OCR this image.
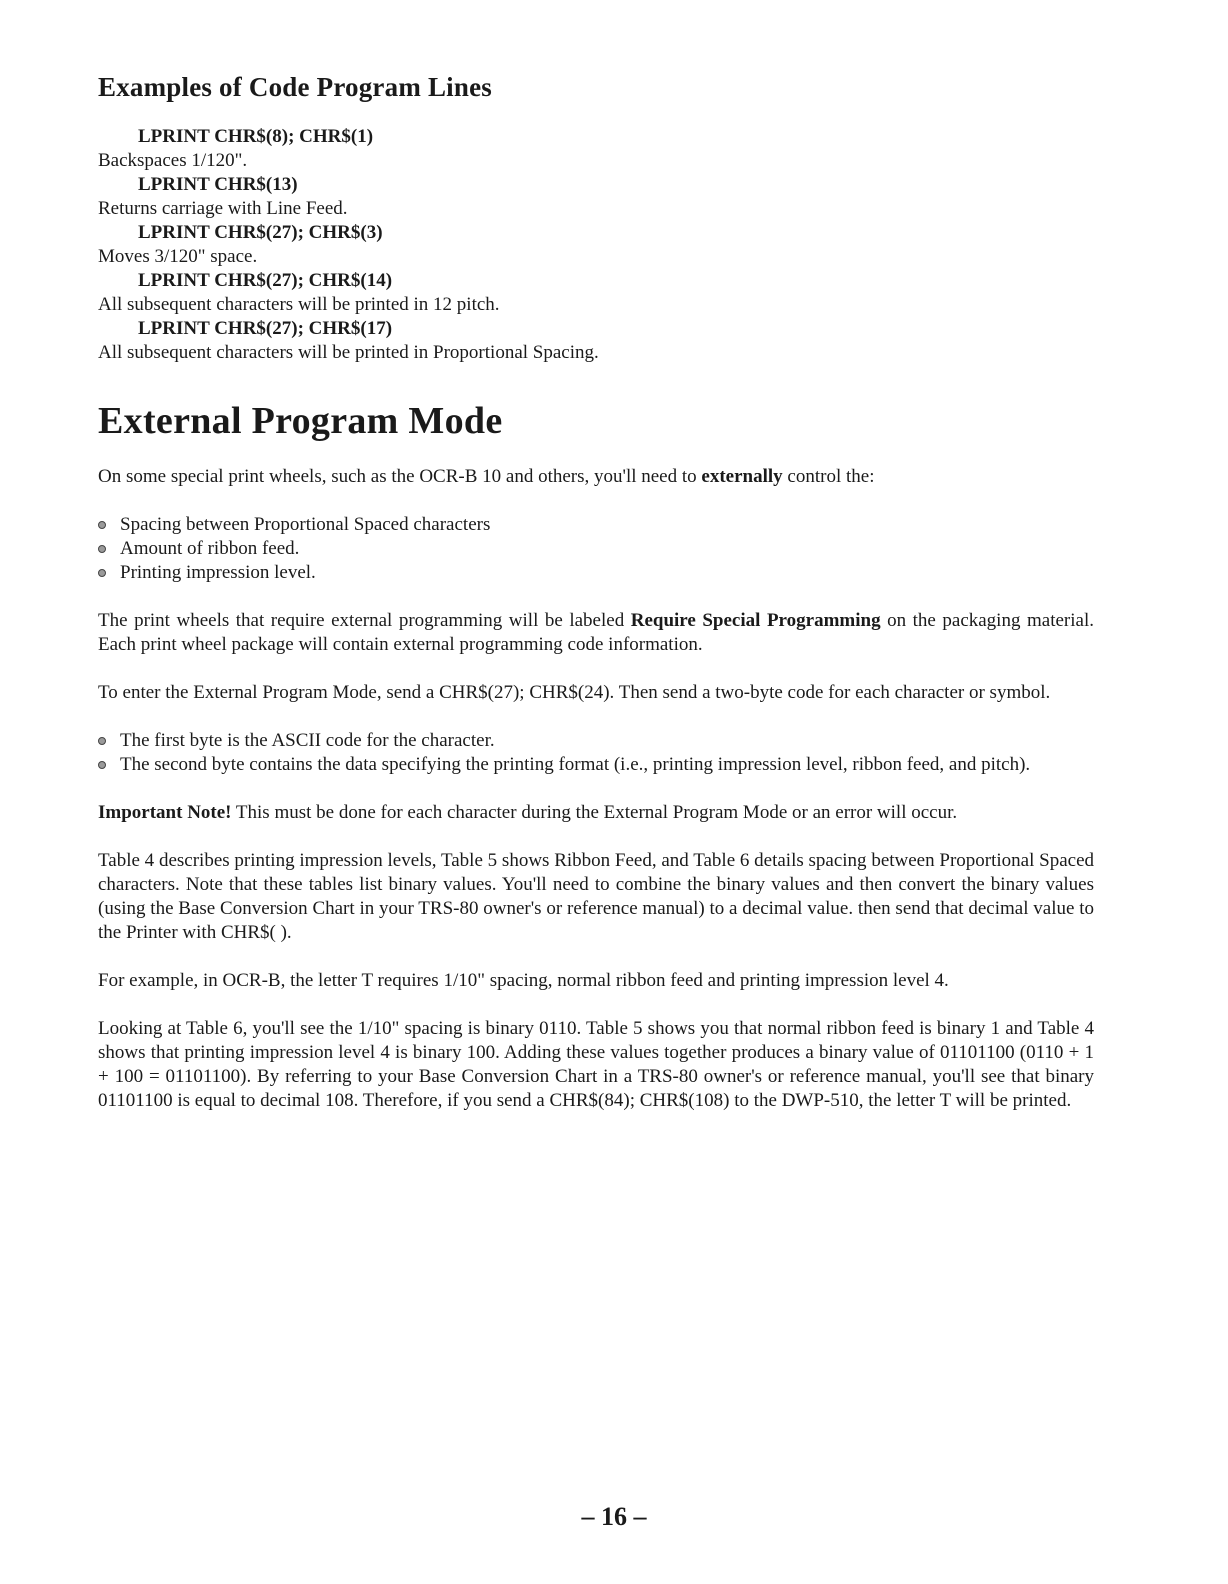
Examples of Code Program Lines
LPRINT CHR$(8); CHR$(1)
Backspaces 1/120".
LPRINT CHR$(13)
Returns carriage with Line Feed.
LPRINT CHR$(27); CHR$(3)
Moves 3/120" space.
LPRINT CHR$(27); CHR$(14)
All subsequent characters will be printed in 12 pitch.
LPRINT CHR$(27); CHR$(17)
All subsequent characters will be printed in Proportional Spacing.
External Program Mode

On some special print wheels, such as the OCR-B 10 and others, you'll need to externally control the:

Spacing between Proportional Spaced characters
Amount of ribbon feed.
Printing impression level.

The print wheels that require external programming will be labeled Require Special Programming on the packaging material. Each print wheel package will contain external programming code information.

To enter the External Program Mode, send a CHR$(27); CHR$(24). Then send a two-byte code for each character or symbol.

The first byte is the ASCII code for the character.
The second byte contains the data specifying the printing format (i.e., printing impression level, ribbon feed, and pitch).

Important Note! This must be done for each character during the External Program Mode or an error will occur.

Table 4 describes printing impression levels, Table 5 shows Ribbon Feed, and Table 6 details spacing between Proportional Spaced characters. Note that these tables list binary values. You'll need to combine the binary values and then convert the binary values (using the Base Conversion Chart in your TRS-80 owner's or reference manual) to a decimal value. then send that decimal value to the Printer with CHR$( ).

For example, in OCR-B, the letter T requires 1/10" spacing, normal ribbon feed and printing impression level 4.

Looking at Table 6, you'll see the 1/10" spacing is binary 0110. Table 5 shows you that normal ribbon feed is binary 1 and Table 4 shows that printing impression level 4 is binary 100. Adding these values together produces a binary value of 01101100 (0110 + 1 + 100 = 01101100). By referring to your Base Conversion Chart in a TRS-80 owner's or reference manual, you'll see that binary 01101100 is equal to decimal 108. Therefore, if you send a CHR$(84); CHR$(108) to the DWP-510, the letter T will be printed.

– 16 –
